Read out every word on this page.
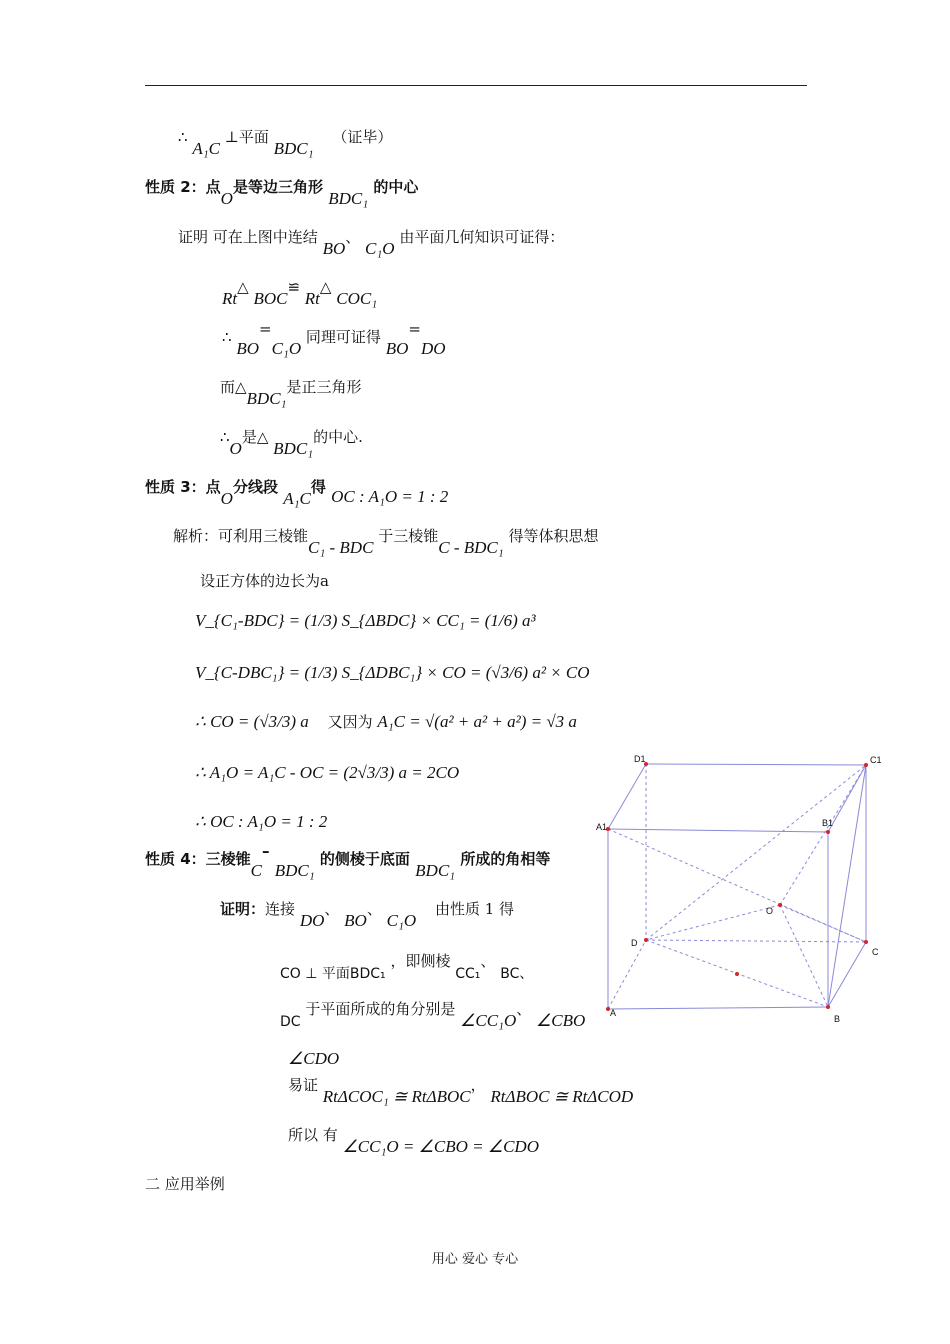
∴ A₁C ⊥平面 BDC₁ （证毕）
性质 2：点O是等边三角形 BDC₁ 的中心
证明 可在上图中连结 BO、 C₁O 由平面几何知识可证得：
Rt△ BOC≌ Rt△ COC₁
∴ BO=C₁O 同理可证得 BO=DO
而△BDC₁是正三角形
∴O是△ BDC₁的中心.
性质 3：点O分线段 A₁C得 OC : A₁O = 1 : 2
解析：可利用三棱锥C₁ - BDC 于三棱锥C - BDC₁ 得等体积思想
设正方体的边长为a
V_{C₁-BDC} = (1/3) S_{ΔBDC} × CC₁ = (1/6) a³
V_{C-DBC₁} = (1/3) S_{ΔDBC₁} × CO = (√3/6) a² × CO
∴ CO = (√3/3) a 又因为 A₁C = √(a² + a² + a²) = √3 a
∴ A₁O = A₁C - OC = (2√3/3) a = 2CO
∴ OC : A₁O = 1 : 2
性质 4：三棱锥C– BDC₁ 的侧棱于底面 BDC₁ 所成的角相等
证明：连接 DO、 BO、 C₁O 由性质 1 得
CO ⊥ 平面BDC₁ ，即侧棱 CC₁、 BC、
DC 于平面所成的角分别是 ∠CC₁O、 ∠CBO
∠CDO
易证 RtΔCOC₁ ≅ RtΔBOC， RtΔBOC ≅ RtΔCOD
所以 有 ∠CC₁O = ∠CBO = ∠CDO
二 应用举例
D1	C1
A1	B1
O
D
C
A
B
用心 爱心 专心
